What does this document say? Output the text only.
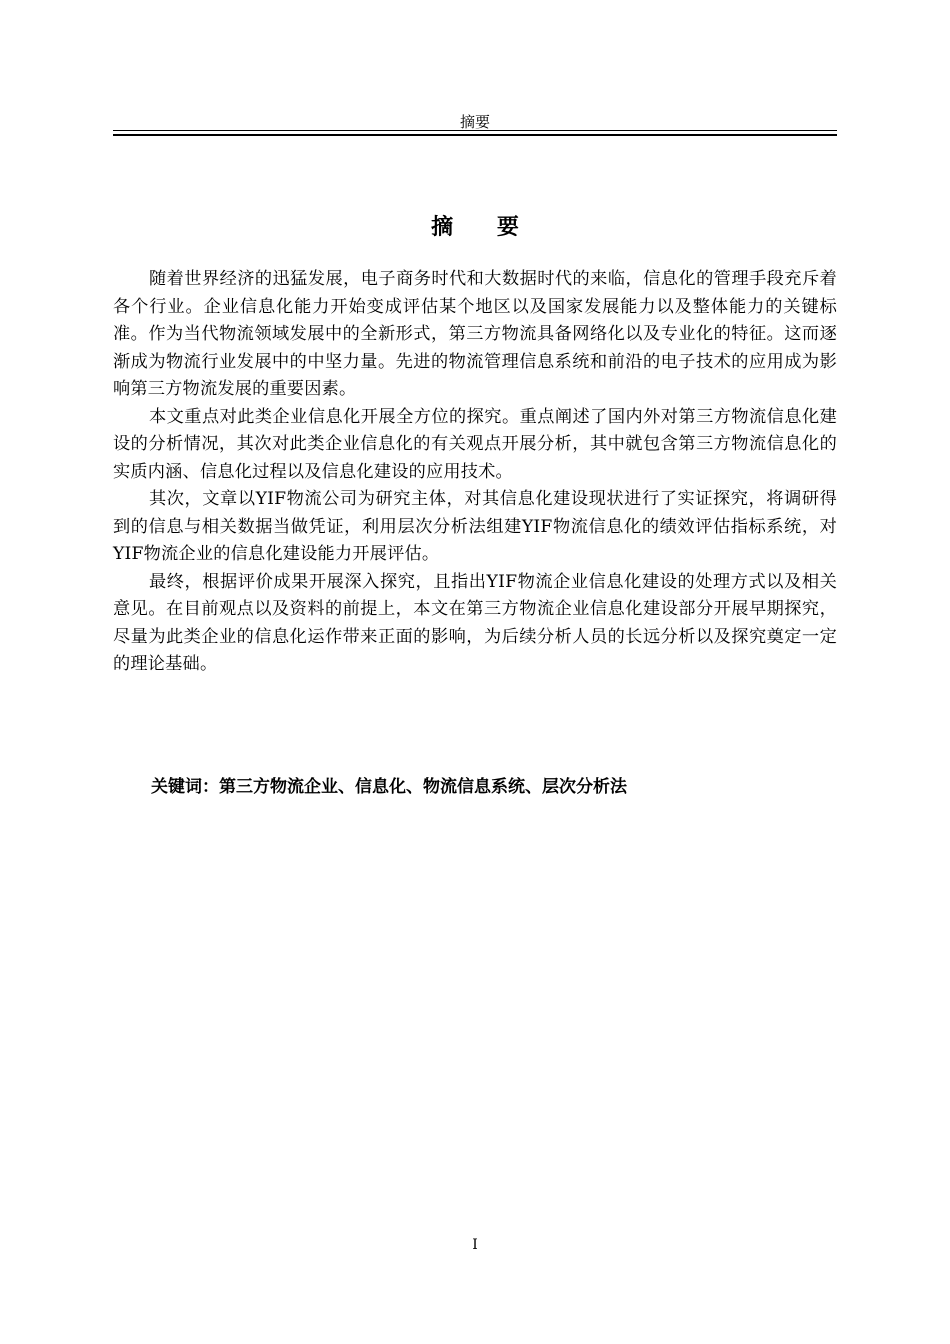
摘要
摘 要

随着世界经济的迅猛发展，电子商务时代和大数据时代的来临，信息化的管理手段充斥着各个行业。企业信息化能力开始变成评估某个地区以及国家发展能力以及整体能力的关键标准。作为当代物流领域发展中的全新形式，第三方物流具备网络化以及专业化的特征。这而逐渐成为物流行业发展中的中坚力量。先进的物流管理信息系统和前沿的电子技术的应用成为影响第三方物流发展的重要因素。

本文重点对此类企业信息化开展全方位的探究。重点阐述了国内外对第三方物流信息化建设的分析情况，其次对此类企业信息化的有关观点开展分析，其中就包含第三方物流信息化的实质内涵、信息化过程以及信息化建设的应用技术。

其次，文章以YIF物流公司为研究主体，对其信息化建设现状进行了实证探究，将调研得到的信息与相关数据当做凭证，利用层次分析法组建YIF物流信息化的绩效评估指标系统，对YIF物流企业的信息化建设能力开展评估。

最终，根据评价成果开展深入探究，且指出YIF物流企业信息化建设的处理方式以及相关意见。在目前观点以及资料的前提上，本文在第三方物流企业信息化建设部分开展早期探究，尽量为此类企业的信息化运作带来正面的影响，为后续分析人员的长远分析以及探究奠定一定的理论基础。

关键词：第三方物流企业、信息化、物流信息系统、层次分析法
I
